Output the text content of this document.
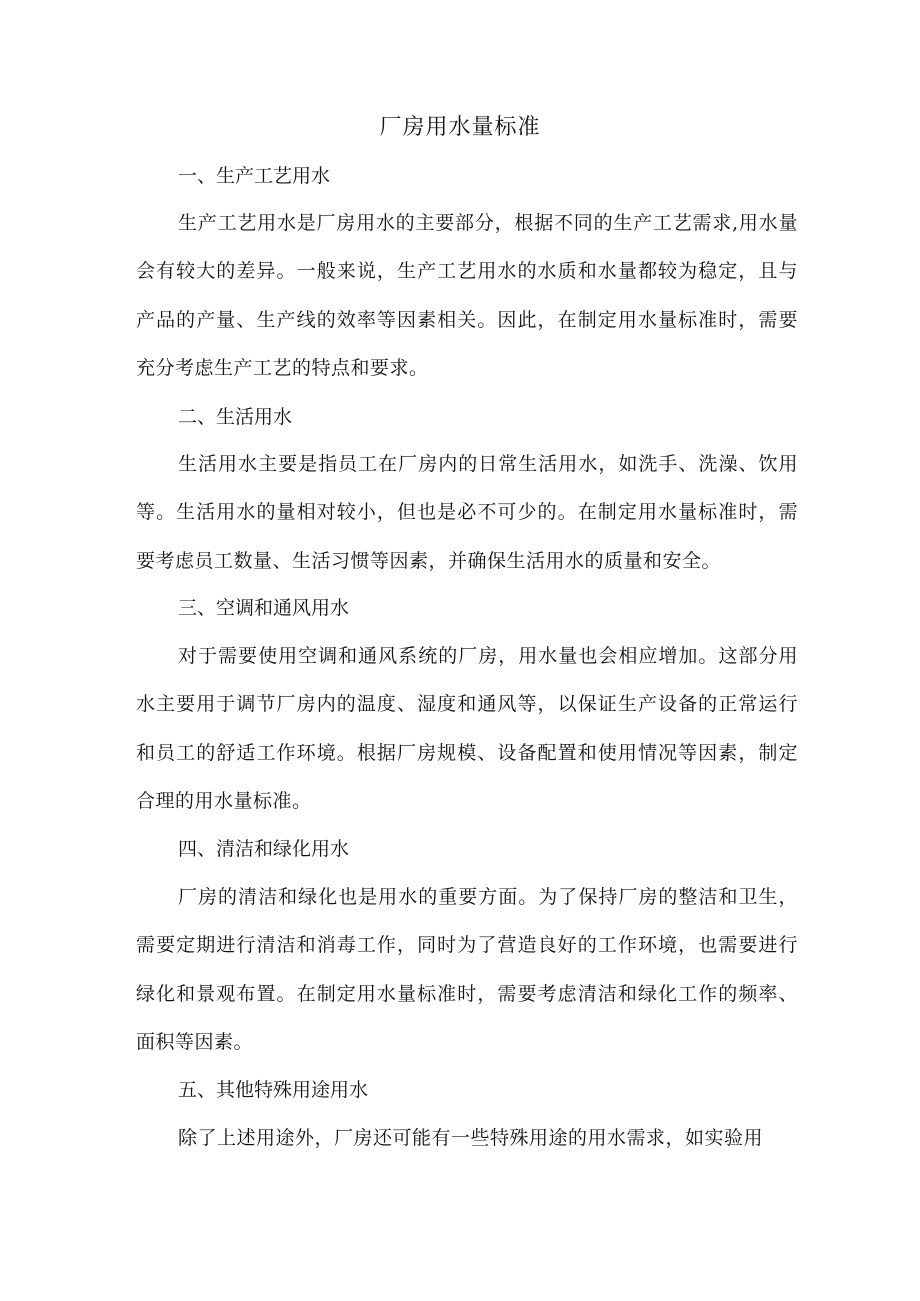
厂房用水量标准
一、生产工艺用水

生产工艺用水是厂房用水的主要部分，根据不同的生产工艺需求,用水量会有较大的差异。一般来说，生产工艺用水的水质和水量都较为稳定，且与产品的产量、生产线的效率等因素相关。因此，在制定用水量标准时，需要充分考虑生产工艺的特点和要求。

二、生活用水

生活用水主要是指员工在厂房内的日常生活用水，如洗手、洗澡、饮用等。生活用水的量相对较小，但也是必不可少的。在制定用水量标准时，需要考虑员工数量、生活习惯等因素，并确保生活用水的质量和安全。

三、空调和通风用水

对于需要使用空调和通风系统的厂房，用水量也会相应增加。这部分用水主要用于调节厂房内的温度、湿度和通风等，以保证生产设备的正常运行和员工的舒适工作环境。根据厂房规模、设备配置和使用情况等因素，制定合理的用水量标准。

四、清洁和绿化用水

厂房的清洁和绿化也是用水的重要方面。为了保持厂房的整洁和卫生，需要定期进行清洁和消毒工作，同时为了营造良好的工作环境，也需要进行绿化和景观布置。在制定用水量标准时，需要考虑清洁和绿化工作的频率、面积等因素。

五、其他特殊用途用水

除了上述用途外，厂房还可能有一些特殊用途的用水需求，如实验用
